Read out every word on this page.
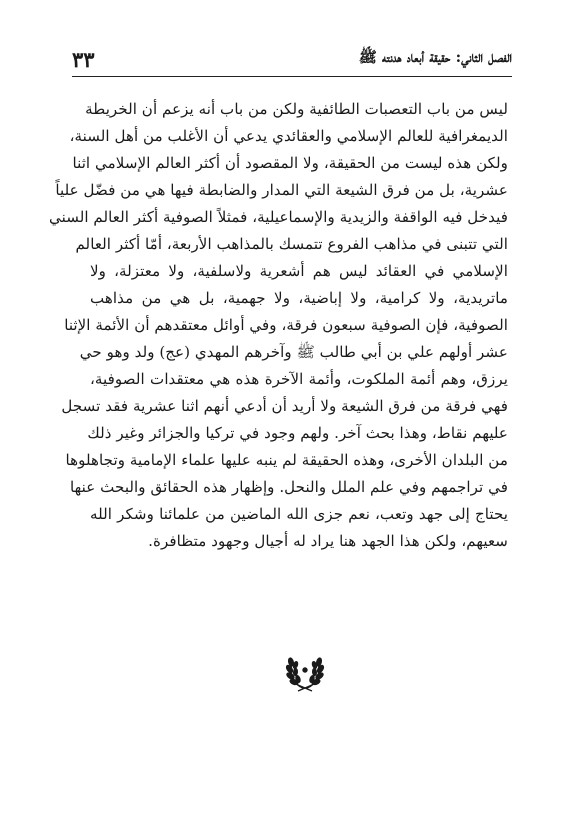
٣٣	الفصل الثاني: حقيقة أبعاد هدنته ﷺ
ليس من باب التعصبات الطائفية ولكن من باب أنه يزعم أن الخريطة
الديمغرافية للعالم الإسلامي والعقائدي يدعي أن الأغلب من أهل السنة،
ولكن هذه ليست من الحقيقة، ولا المقصود أن أكثر العالم الإسلامي اثنا
عشرية، بل من فرق الشيعة التي المدار والضابطة فيها هي من فضّل علياً
فيدخل فيه الواقفة والزيدية والإسماعيلية، فمثلاً الصوفية أكثر العالم السني
التي تتبنى في مذاهب الفروع تتمسك بالمذاهب الأربعة، أمّا أكثر العالم
الإسلامي في العقائد ليس هم أشعرية ولاسلفية، ولا معتزلة، ولا
ماتريدية، ولا كرامية، ولا إباضية، ولا جهمية، بل هي من مذاهب
الصوفية، فإن الصوفية سبعون فرقة، وفي أوائل معتقدهم أن الأئمة الإثنا
عشر أولهم علي بن أبي طالب ﷺ وآخرهم المهدي (عج) ولد وهو حي
يرزق، وهم أئمة الملكوت، وأئمة الآخرة هذه هي معتقدات الصوفية،
فهي فرقة من فرق الشيعة ولا أريد أن أدعي أنهم اثنا عشرية فقد تسجل
عليهم نقاط، وهذا بحث آخر. ولهم وجود في تركيا والجزائر وغير ذلك
من البلدان الأخرى، وهذه الحقيقة لم ينبه عليها علماء الإمامية وتجاهلوها
في تراجمهم وفي علم الملل والنحل. وإظهار هذه الحقائق والبحث عنها
يحتاج إلى جهد وتعب، نعم جزى الله الماضين من علمائنا وشكر الله
سعيهم، ولكن هذا الجهد هنا يراد له أجيال وجهود متظافرة.
